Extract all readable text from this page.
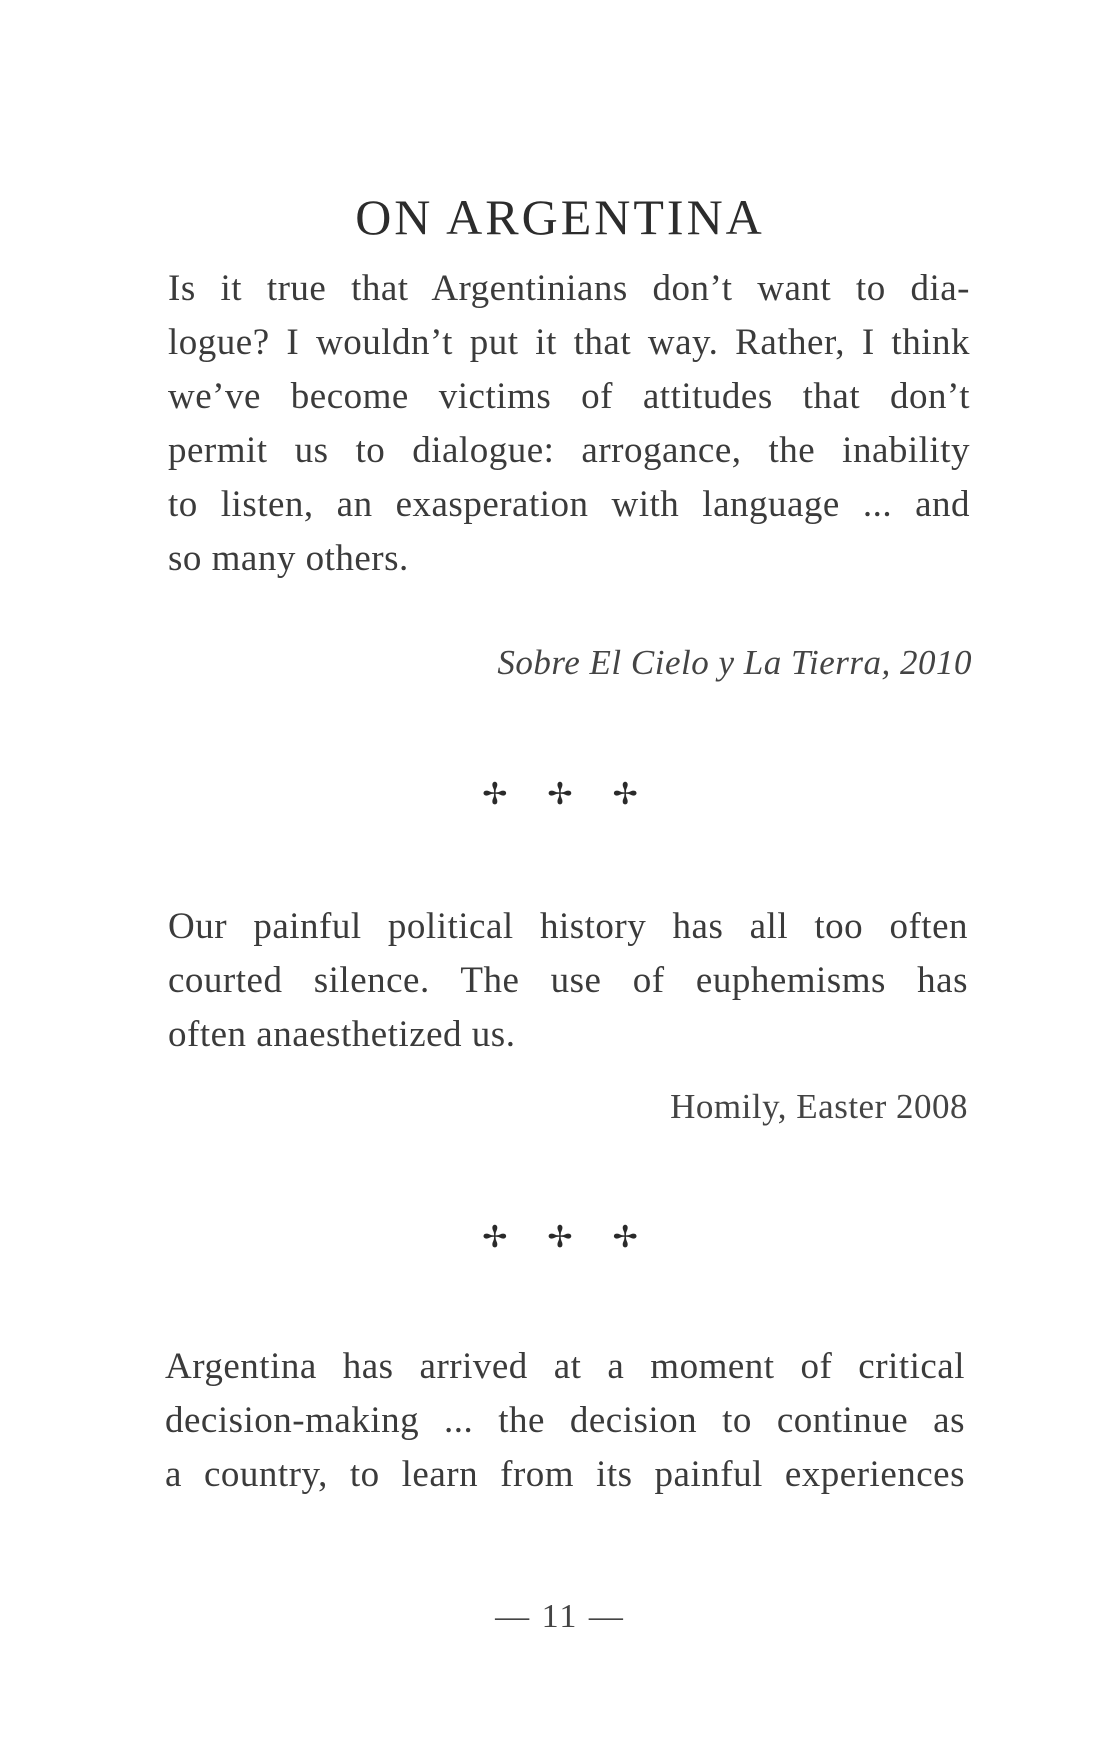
ON ARGENTINA
Is it true that Argentinians don’t want to dia-
logue? I wouldn’t put it that way. Rather, I think
we’ve become victims of attitudes that don’t
permit us to dialogue: arrogance, the inability
to listen, an exasperation with language ... and
so many others.
Sobre El Cielo y La Tierra, 2010
✢ ✢ ✢
Our painful political history has all too often
courted silence. The use of euphemisms has
often anaesthetized us.
Homily, Easter 2008
✢ ✢ ✢
Argentina has arrived at a moment of critical
decision-making ... the decision to continue as
a country, to learn from its painful experiences
— 11 —
